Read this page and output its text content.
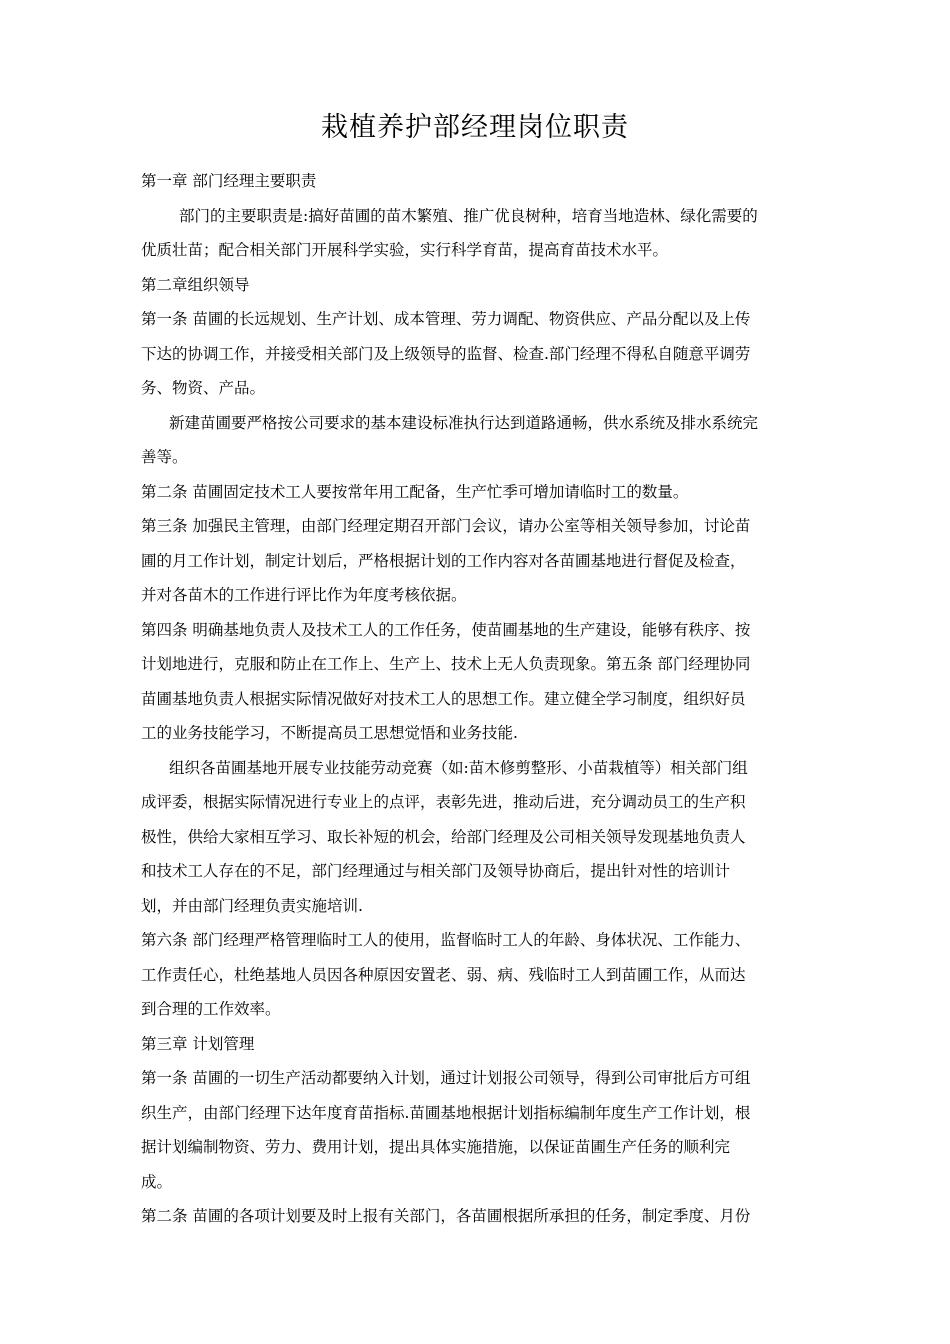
栽植养护部经理岗位职责
第一章 部门经理主要职责
部门的主要职责是:搞好苗圃的苗木繁殖、推广优良树种，培育当地造林、绿化需要的
优质壮苗；配合相关部门开展科学实验，实行科学育苗，提高育苗技术水平。
第二章组织领导
第一条 苗圃的长远规划、生产计划、成本管理、劳力调配、物资供应、产品分配以及上传
下达的协调工作，并接受相关部门及上级领导的监督、检查.部门经理不得私自随意平调劳
务、物资、产品。
新建苗圃要严格按公司要求的基本建设标准执行达到道路通畅，供水系统及排水系统完
善等。
第二条 苗圃固定技术工人要按常年用工配备，生产忙季可增加请临时工的数量。
第三条 加强民主管理，由部门经理定期召开部门会议，请办公室等相关领导参加，讨论苗
圃的月工作计划，制定计划后，严格根据计划的工作内容对各苗圃基地进行督促及检查，
并对各苗木的工作进行评比作为年度考核依据。
第四条 明确基地负责人及技术工人的工作任务，使苗圃基地的生产建设，能够有秩序、按
计划地进行，克服和防止在工作上、生产上、技术上无人负责现象。第五条 部门经理协同
苗圃基地负责人根据实际情况做好对技术工人的思想工作。建立健全学习制度，组织好员
工的业务技能学习，不断提高员工思想觉悟和业务技能.
组织各苗圃基地开展专业技能劳动竞赛（如:苗木修剪整形、小苗栽植等）相关部门组
成评委，根据实际情况进行专业上的点评，表彰先进，推动后进，充分调动员工的生产积
极性，供给大家相互学习、取长补短的机会，给部门经理及公司相关领导发现基地负责人
和技术工人存在的不足，部门经理通过与相关部门及领导协商后，提出针对性的培训计
划，并由部门经理负责实施培训.
第六条 部门经理严格管理临时工人的使用，监督临时工人的年龄、身体状况、工作能力、
工作责任心，杜绝基地人员因各种原因安置老、弱、病、残临时工人到苗圃工作，从而达
到合理的工作效率。
第三章 计划管理
第一条 苗圃的一切生产活动都要纳入计划，通过计划报公司领导，得到公司审批后方可组
织生产，由部门经理下达年度育苗指标.苗圃基地根据计划指标编制年度生产工作计划，根
据计划编制物资、劳力、费用计划，提出具体实施措施，以保证苗圃生产任务的顺利完
成。
第二条 苗圃的各项计划要及时上报有关部门，各苗圃根据所承担的任务，制定季度、月份
